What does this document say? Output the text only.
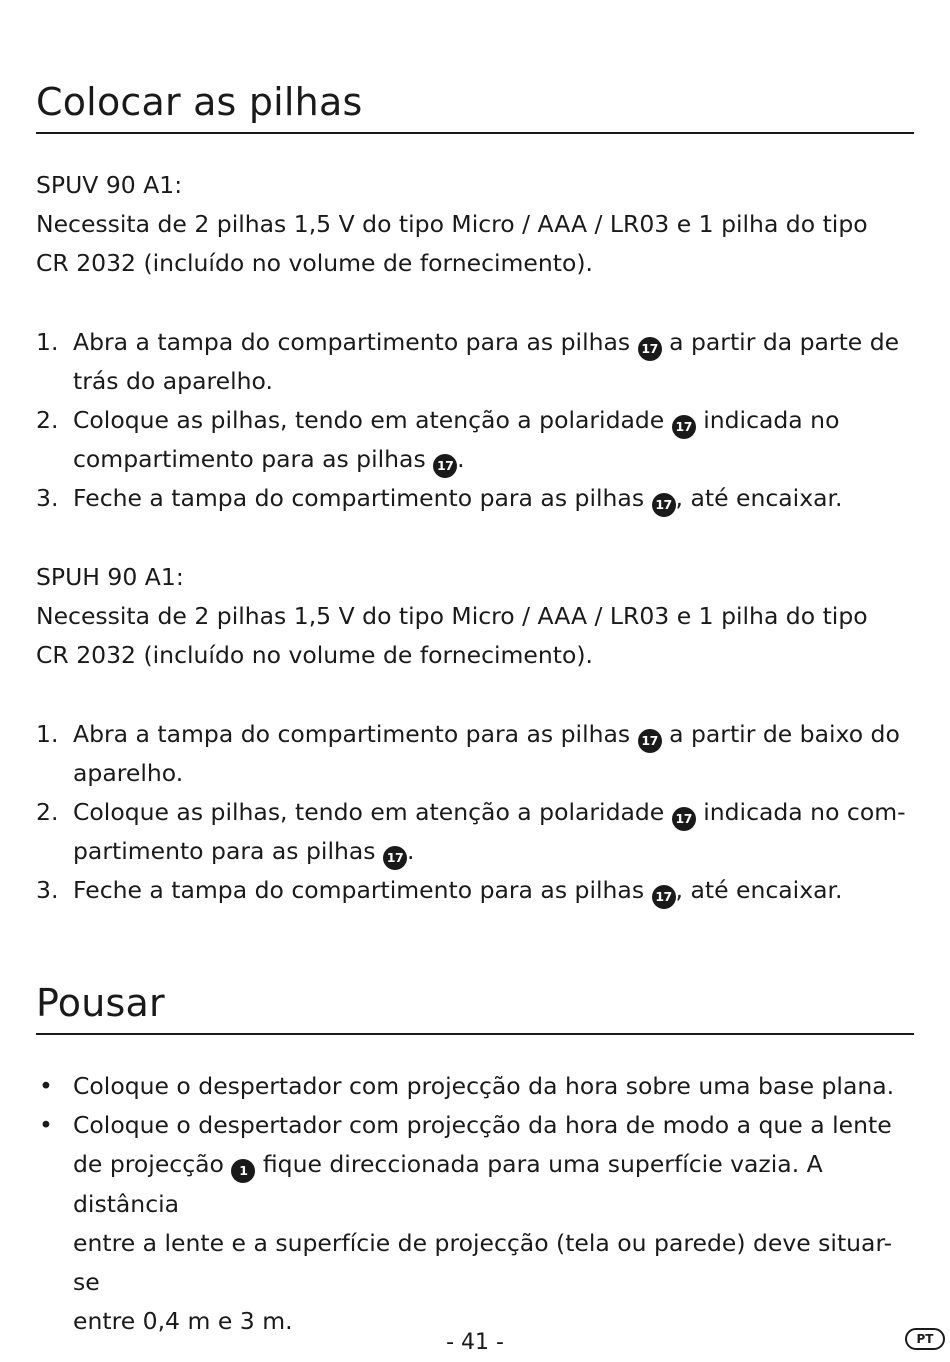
Colocar as pilhas

SPUV 90 A1:

Necessita de 2 pilhas 1,5 V do tipo Micro / AAA / LR03 e 1 pilha do tipo

CR 2032 (incluído no volume de fornecimento).

1. Abra a tampa do compartimento para as pilhas 17 a partir da parte de
trás do aparelho.
2. Coloque as pilhas, tendo em atenção a polaridade 17 indicada no
compartimento para as pilhas 17 .
3. Feche a tampa do compartimento para as pilhas 17 , até encaixar.

SPUH 90 A1:

Necessita de 2 pilhas 1,5 V do tipo Micro / AAA / LR03 e 1 pilha do tipo

CR 2032 (incluído no volume de fornecimento).

1. Abra a tampa do compartimento para as pilhas 17 a partir de baixo do
aparelho.
2. Coloque as pilhas, tendo em atenção a polaridade 17 indicada no com-
partimento para as pilhas 17 .
3. Feche a tampa do compartimento para as pilhas 17 , até encaixar.
Pousar
• Coloque o despertador com projecção da hora sobre uma base plana.
• Coloque o despertador com projecção da hora de modo a que a lente
de projecção 1 fique direccionada para uma superfície vazia. A distância
entre a lente e a superfície de projecção (tela ou parede) deve situar-se
entre 0,4 m e 3 m.
- 41 -	PT
